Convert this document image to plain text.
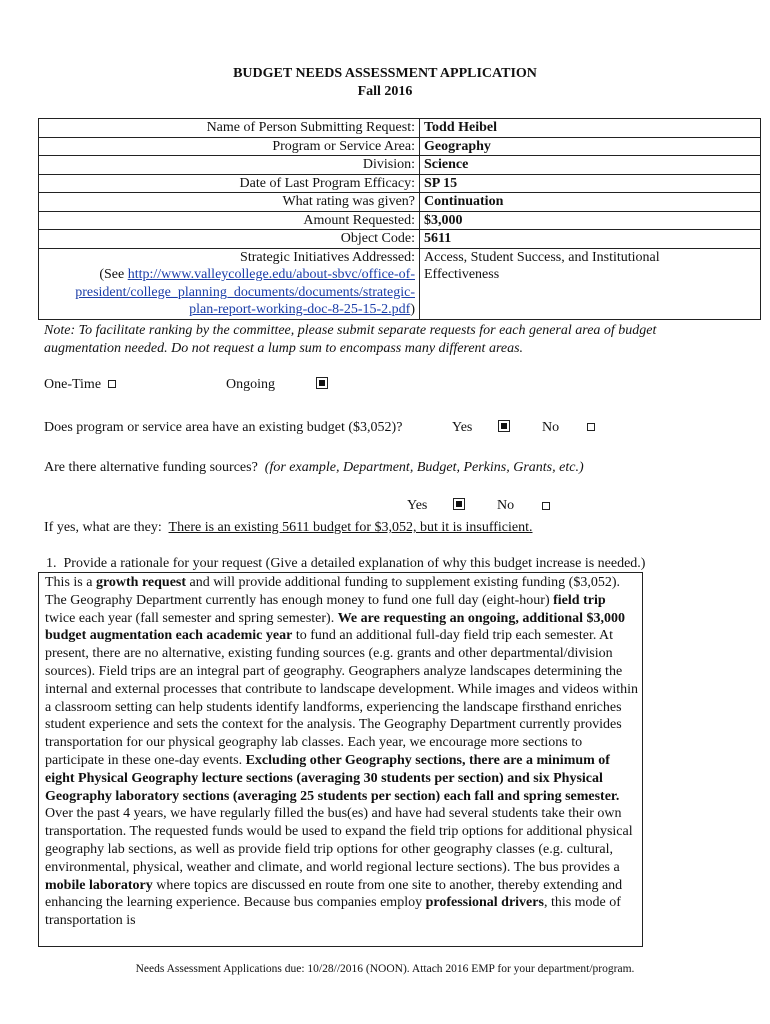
BUDGET NEEDS ASSESSMENT APPLICATION
Fall 2016
Name of Person Submitting Request:	Todd Heibel
Program or Service Area:	Geography
Division:	Science
Date of Last Program Efficacy:	SP 15
What rating was given?	Continuation
Amount Requested:	$3,000
Object Code:	5611
Strategic Initiatives Addressed:
(See http://www.valleycollege.edu/about-sbvc/office-of-
president/college_planning_documents/documents/strategic-
plan-report-working-doc-8-25-15-2.pdf)	Access, Student Success, and Institutional
Effectiveness
Note: To facilitate ranking by the committee, please submit separate requests for each general area of budget
augmentation needed. Do not request a lump sum to encompass many different areas.
One-Time	Ongoing
Does program or service area have an existing budget ($3,052)?	Yes	No
Are there alternative funding sources? (for example, Department, Budget, Perkins, Grants, etc.)
Yes	No
If yes, what are they: There is an existing 5611 budget for $3,052, but it is insufficient.
1. Provide a rationale for your request (Give a detailed explanation of why this budget increase is needed.)
This is a growth request and will provide additional funding to supplement existing funding ($3,052). The Geography Department currently has enough money to fund one full day (eight-hour) field trip twice each year (fall semester and spring semester). We are requesting an ongoing, additional $3,000 budget augmentation each academic year to fund an additional full-day field trip each semester. At present, there are no alternative, existing funding sources (e.g. grants and other departmental/division sources). Field trips are an integral part of geography. Geographers analyze landscapes determining the internal and external processes that contribute to landscape development. While images and videos within a classroom setting can help students identify landforms, experiencing the landscape firsthand enriches student experience and sets the context for the analysis. The Geography Department currently provides transportation for our physical geography lab classes. Each year, we encourage more sections to participate in these one-day events. Excluding other Geography sections, there are a minimum of eight Physical Geography lecture sections (averaging 30 students per section) and six Physical Geography laboratory sections (averaging 25 students per section) each fall and spring semester. Over the past 4 years, we have regularly filled the bus(es) and have had several students take their own transportation. The requested funds would be used to expand the field trip options for additional physical geography lab sections, as well as provide field trip options for other geography classes (e.g. cultural, environmental, physical, weather and climate, and world regional lecture sections). The bus provides a mobile laboratory where topics are discussed en route from one site to another, thereby extending and enhancing the learning experience. Because bus companies employ professional drivers, this mode of transportation is
Needs Assessment Applications due: 10/28//2016 (NOON). Attach 2016 EMP for your department/program.
